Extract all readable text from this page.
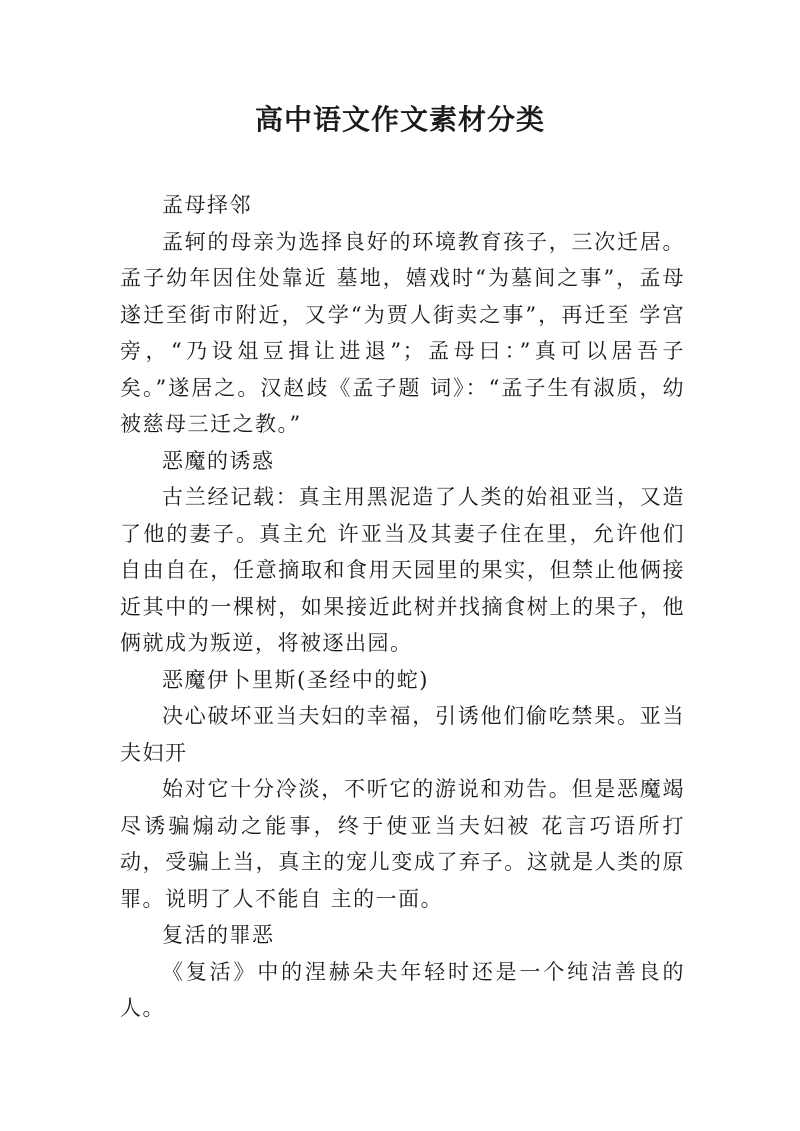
高中语文作文素材分类

孟母择邻

孟轲的母亲为选择良好的环境教育孩子，三次迁居。孟子幼年因住处靠近 墓地，嬉戏时“为墓间之事”，孟母遂迁至街市附近，又学“为贾人街卖之事”，再迁至 学宫旁，“乃设俎豆揖让进退”；孟母曰：”真可以居吾子矣。”遂居之。汉赵歧《孟子题 词》：“孟子生有淑质，幼被慈母三迁之教。”

恶魔的诱惑

古兰经记载：真主用黑泥造了人类的始祖亚当，又造了他的妻子。真主允 许亚当及其妻子住在里，允许他们自由自在，任意摘取和食用天园里的果实，但禁止他俩接 近其中的一棵树，如果接近此树并找摘食树上的果子，他俩就成为叛逆，将被逐出园。

恶魔伊卜里斯(圣经中的蛇)

决心破坏亚当夫妇的幸福，引诱他们偷吃禁果。亚当夫妇开

始对它十分冷淡，不听它的游说和劝告。但是恶魔竭尽诱骗煽动之能事，终于使亚当夫妇被 花言巧语所打动，受骗上当，真主的宠儿变成了弃子。这就是人类的原罪。说明了人不能自 主的一面。

复活的罪恶

《复活》中的涅赫朵夫年轻时还是一个纯洁善良的人。
